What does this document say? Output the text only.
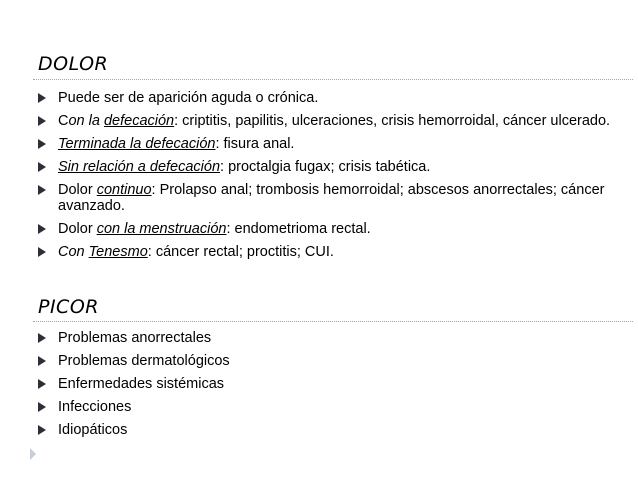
DOLOR
Puede ser de aparición aguda o crónica.
Con la defecación: criptitis, papilitis, ulceraciones, crisis hemorroidal, cáncer ulcerado.
Terminada la defecación: fisura anal.
Sin relación a defecación: proctalgia fugax; crisis tabética.
Dolor continuo: Prolapso anal; trombosis hemorroidal; abscesos anorrectales; cáncer avanzado.
Dolor con la menstruación: endometrioma rectal.
Con Tenesmo: cáncer rectal; proctitis; CUI.
PICOR
Problemas anorrectales
Problemas dermatológicos
Enfermedades sistémicas
Infecciones
Idiopáticos
